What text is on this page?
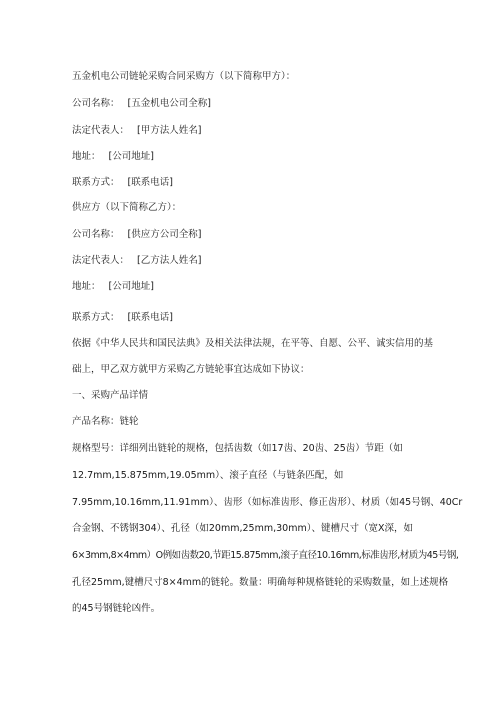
五金机电公司链轮采购合同采购方（以下简称甲方）：
公司名称： [五金机电公司全称]
法定代表人： [甲方法人姓名]
地址： [公司地址]
联系方式： [联系电话]
供应方（以下简称乙方）：
公司名称： [供应方公司全称]
法定代表人： [乙方法人姓名]
地址： [公司地址]
联系方式： [联系电话]
依据《中华人民共和国民法典》及相关法律法规，在平等、自愿、公平、诚实信用的基
础上，甲乙双方就甲方采购乙方链轮事宜达成如下协议：
一、采购产品详情
产品名称：链轮
规格型号：详细列出链轮的规格，包括齿数（如17齿、20齿、25齿）节距（如
12.7mm,15.875mm,19.05mm）、滚子直径（与链条匹配，如
7.95mm,10.16mm,11.91mm）、齿形（如标准齿形、修正齿形）、材质（如45号钢、40Cr
合金钢、不锈钢304）、孔径（如20mm,25mm,30mm）、键槽尺寸（宽X深，如
6×3mm,8×4mm）O例如齿数20,节距15.875mm,滚子直径10.16mm,标准齿形,材质为45号钢,
孔径25mm,键槽尺寸8×4mm的链轮。数量：明确每种规格链轮的采购数量，如上述规格
的45号钢链轮凶件。
